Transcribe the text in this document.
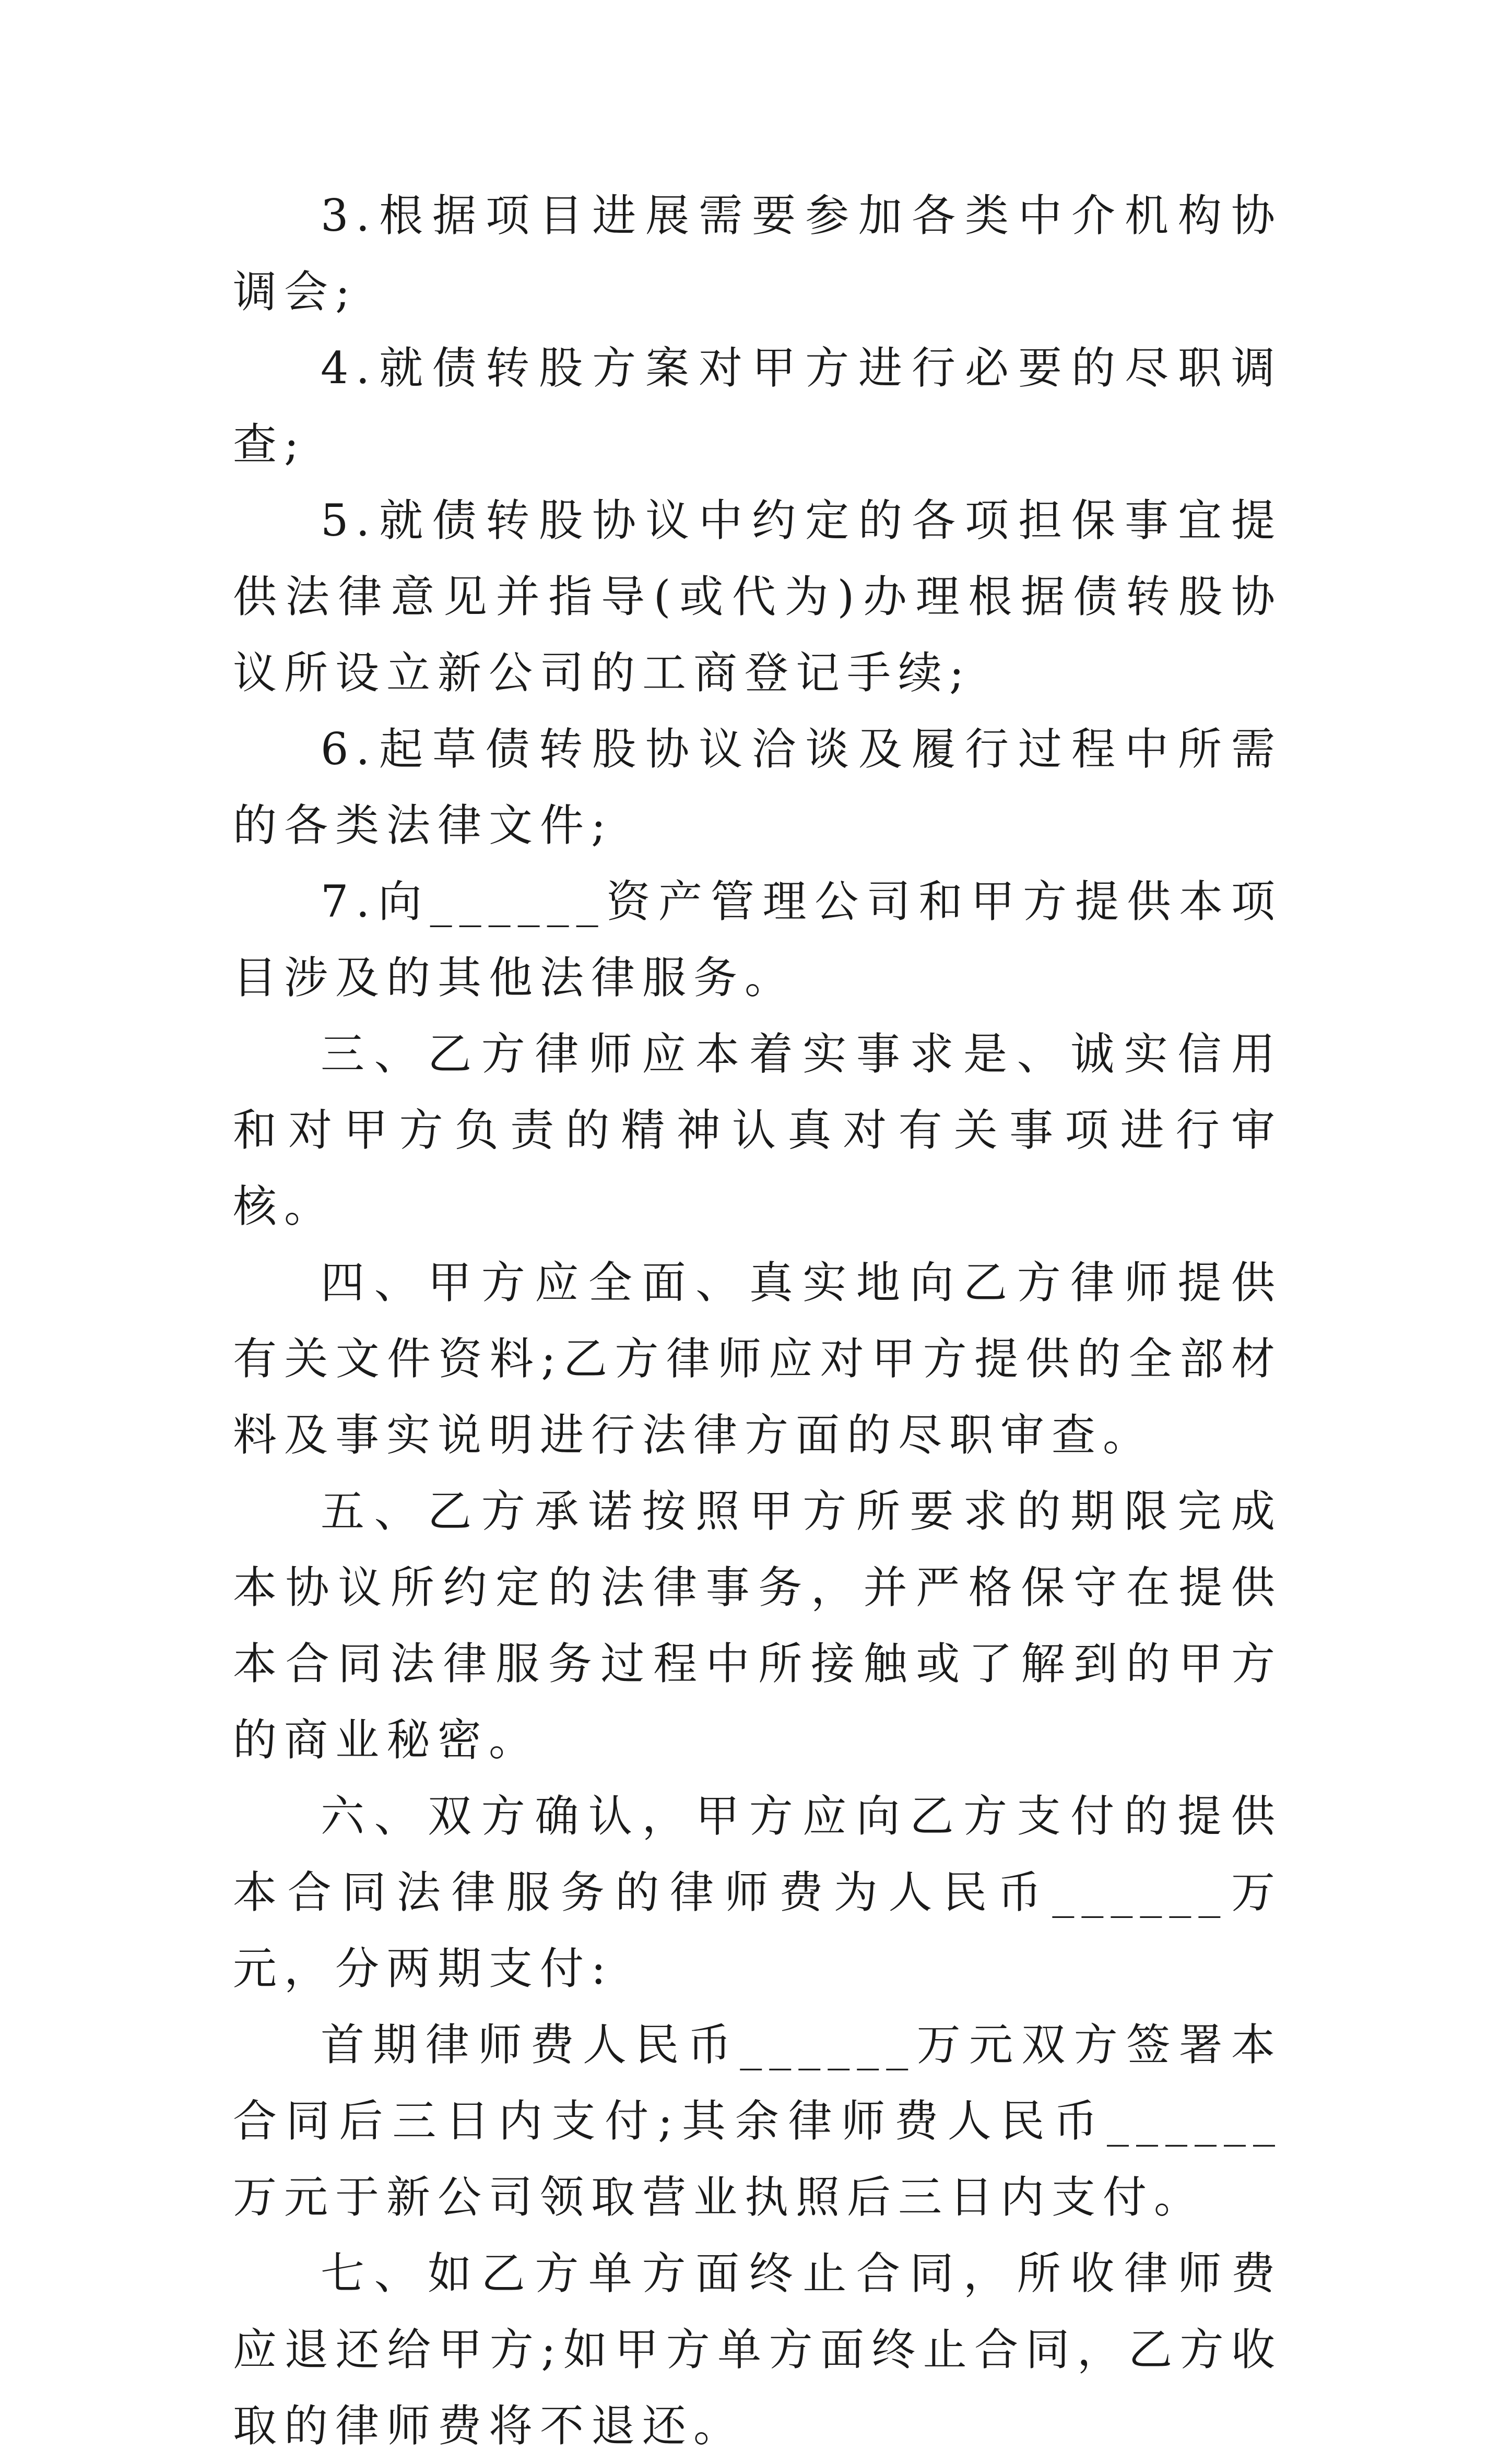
3.根据项目进展需要参加各类中介机构协调会;

4.就债转股方案对甲方进行必要的尽职调查;

5.就债转股协议中约定的各项担保事宜提供法律意见并指导(或代为)办理根据债转股协议所设立新公司的工商登记手续;

6.起草债转股协议洽谈及履行过程中所需的各类法律文件;

7.向______资产管理公司和甲方提供本项目涉及的其他法律服务。

三、乙方律师应本着实事求是、诚实信用和对甲方负责的精神认真对有关事项进行审核。

四、甲方应全面、真实地向乙方律师提供有关文件资料;乙方律师应对甲方提供的全部材料及事实说明进行法律方面的尽职审查。

五、乙方承诺按照甲方所要求的期限完成本协议所约定的法律事务，并严格保守在提供本合同法律服务过程中所接触或了解到的甲方的商业秘密。

六、双方确认，甲方应向乙方支付的提供本合同法律服务的律师费为人民币______万元，分两期支付:

首期律师费人民币______万元双方签署本合同后三日内支付;其余律师费人民币______万元于新公司领取营业执照后三日内支付。

七、如乙方单方面终止合同，所收律师费应退还给甲方;如甲方单方面终止合同，乙方收取的律师费将不退还。
